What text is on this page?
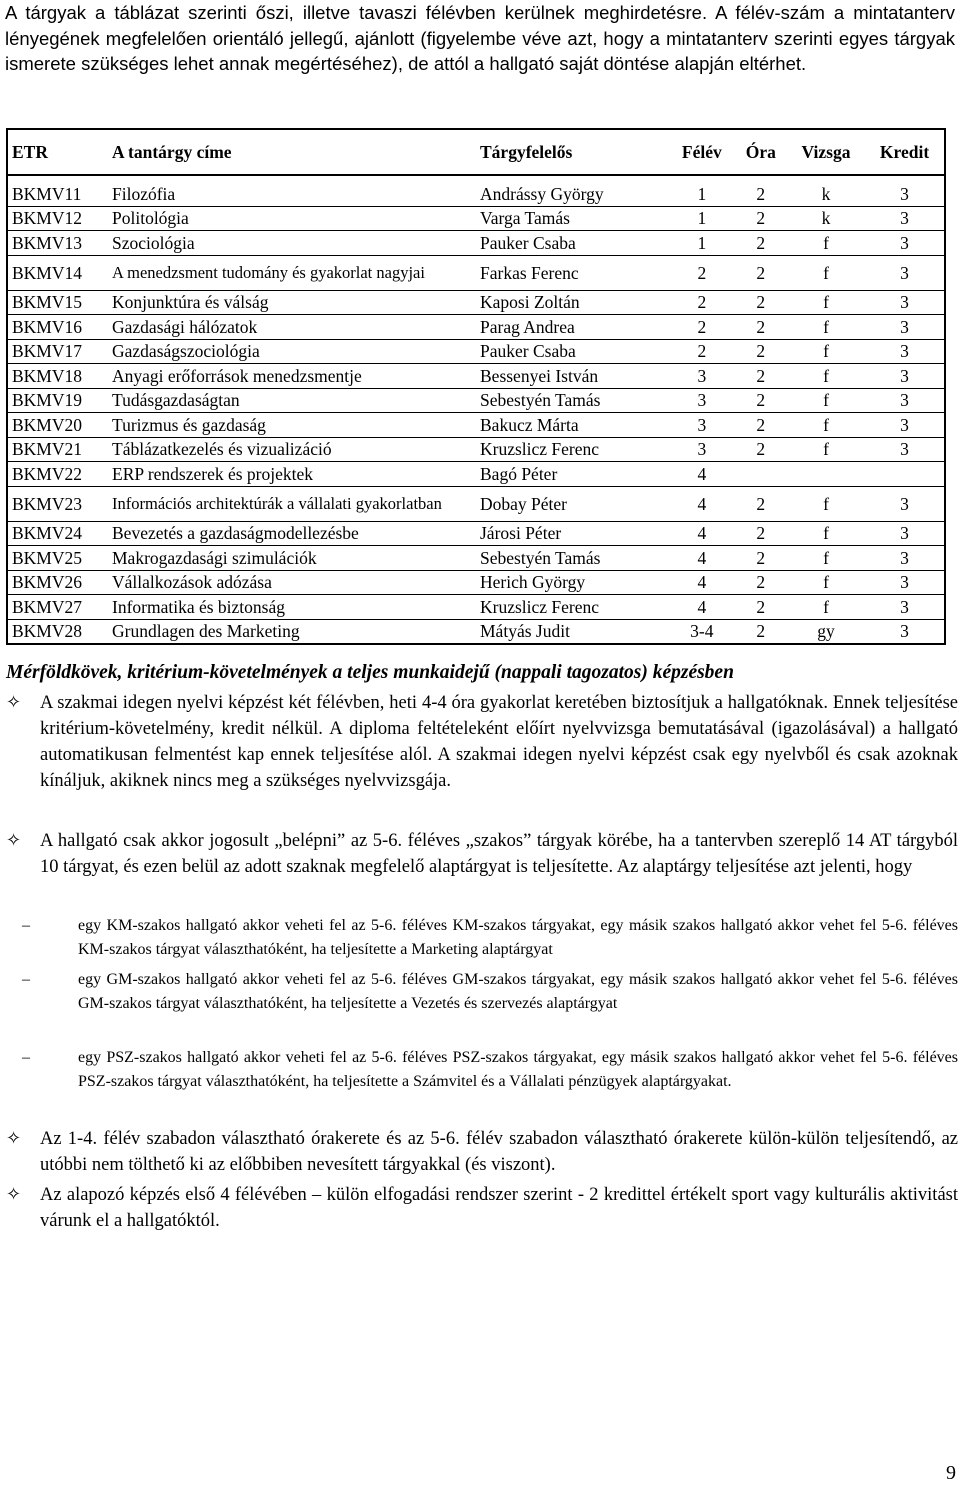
A tárgyak a táblázat szerinti őszi, illetve tavaszi félévben kerülnek meghirdetésre. A félév-szám a mintatanterv lényegének megfelelően orientáló jellegű, ajánlott (figyelembe véve azt, hogy a mintatanterv szerinti egyes tárgyak ismerete szükséges lehet annak megértéséhez), de attól a hallgató saját döntése alapján eltérhet.

ETR	A tantárgy címe	Tárgyfelelős	Félév	Óra	Vizsga	Kredit
BKMV11	Filozófia	Andrássy György	1	2	k	3
BKMV12	Politológia	Varga Tamás	1	2	k	3
BKMV13	Szociológia	Pauker Csaba	1	2	f	3
BKMV14	A menedzsment tudomány és gyakorlat nagyjai	Farkas Ferenc	2	2	f	3
BKMV15	Konjunktúra és válság	Kaposi Zoltán	2	2	f	3
BKMV16	Gazdasági hálózatok	Parag Andrea	2	2	f	3
BKMV17	Gazdaságszociológia	Pauker Csaba	2	2	f	3
BKMV18	Anyagi erőforrások menedzsmentje	Bessenyei István	3	2	f	3
BKMV19	Tudásgazdaságtan	Sebestyén Tamás	3	2	f	3
BKMV20	Turizmus és gazdaság	Bakucz Márta	3	2	f	3
BKMV21	Táblázatkezelés és vizualizáció	Kruzslicz Ferenc	3	2	f	3
BKMV22	ERP rendszerek és projektek	Bagó Péter	4			
BKMV23	Információs architektúrák a vállalati gyakorlatban	Dobay Péter	4	2	f	3
BKMV24	Bevezetés a gazdaságmodellezésbe	Járosi Péter	4	2	f	3
BKMV25	Makrogazdasági szimulációk	Sebestyén Tamás	4	2	f	3
BKMV26	Vállalkozások adózása	Herich György	4	2	f	3
BKMV27	Informatika és biztonság	Kruzslicz Ferenc	4	2	f	3
BKMV28	Grundlagen des Marketing	Mátyás Judit	3-4	2	gy	3

Mérföldkövek, kritérium-követelmények a teljes munkaidejű (nappali tagozatos) képzésben

✧	A szakmai idegen nyelvi képzést két félévben, heti 4-4 óra gyakorlat keretében biztosítjuk a hallgatóknak. Ennek teljesítése kritérium-követelmény, kredit nélkül. A diploma feltételeként előírt nyelvvizsga bemutatásával (igazolásával) a hallgató automatikusan felmentést kap ennek teljesítése alól. A szakmai idegen nyelvi képzést csak egy nyelvből és csak azoknak kínáljuk, akiknek nincs meg a szükséges nyelvvizsgája.
✧	A hallgató csak akkor jogosult „belépni” az 5-6. féléves „szakos” tárgyak körébe, ha a tantervben szereplő 14 AT tárgyból 10 tárgyat, és ezen belül az adott szaknak megfelelő alaptárgyat is teljesítette. Az alaptárgy teljesítése azt jelenti, hogy
–	egy KM-szakos hallgató akkor veheti fel az 5-6. féléves KM-szakos tárgyakat, egy másik szakos hallgató akkor vehet fel 5-6. féléves KM-szakos tárgyat választhatóként, ha teljesítette a Marketing alaptárgyat
–	egy GM-szakos hallgató akkor veheti fel az 5-6. féléves GM-szakos tárgyakat, egy másik szakos hallgató akkor vehet fel 5-6. féléves GM-szakos tárgyat választhatóként, ha teljesítette a Vezetés és szervezés alaptárgyat
–	egy PSZ-szakos hallgató akkor veheti fel az 5-6. féléves PSZ-szakos tárgyakat, egy másik szakos hallgató akkor vehet fel 5-6. féléves PSZ-szakos tárgyat választhatóként, ha teljesítette a Számvitel és a Vállalati pénzügyek alaptárgyakat.
✧	Az 1-4. félév szabadon választható órakerete és az 5-6. félév szabadon választható órakerete külön-külön teljesítendő, az utóbbi nem tölthető ki az előbbiben nevesített tárgyakkal (és viszont).
✧	Az alapozó képzés első 4 félévében – külön elfogadási rendszer szerint - 2 kredittel értékelt sport vagy kulturális aktivitást várunk el a hallgatóktól.

9
